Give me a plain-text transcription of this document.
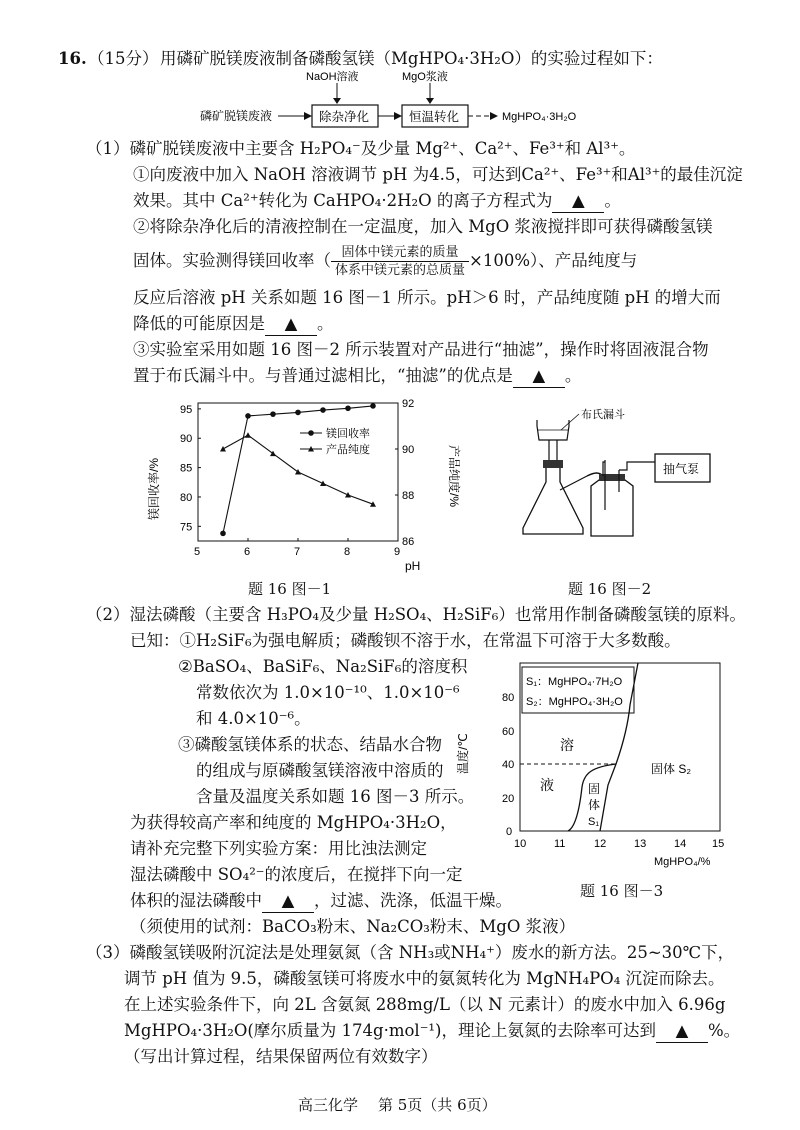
16. （15分） 用磷矿脱镁废液制备磷酸氢镁（MgHPO₄·3H₂O）的实验过程如下：
NaOH溶液	MgO浆液
磷矿脱镁废液	除杂净化	恒温转化	MgHPO₄·3H₂O
（1）磷矿脱镁废液中主要含 H₂PO₄⁻及少量 Mg²⁺、Ca²⁺、Fe³⁺和 Al³⁺。
①向废液中加入 NaOH 溶液调节 pH 为4.5，可达到Ca²⁺、Fe³⁺和Al³⁺的最佳沉淀
效果。其中 Ca²⁺转化为 CaHPO₄·2H₂O 的离子方程式为 ▲ 。
②将除杂净化后的清液控制在一定温度，加入 MgO 浆液搅拌即可获得磷酸氢镁
固体。实验测得镁回收率（ $\frac{\text{固体中镁元素的质量}}{\text{体系中镁元素的总质量}} \times 100\%$）、产品纯度与
反应后溶液 pH 关系如题 16 图－1 所示。pH＞6 时，产品纯度随 pH 的增大而
降低的可能原因是 ▲ 。
③实验室采用如题 16 图－2 所示装置对产品进行“抽滤”，操作时将固液混合物
置于布氏漏斗中。与普通过滤相比，“抽滤”的优点是 ▲ 。
镁回收率/%	产品纯度/%
pH
5	6	7	8	9
75
80
85
90
95
86
88
90
92
镁回收率
产品纯度
题 16 图－1
布氏漏斗
抽气泵
题 16 图－2
（2）湿法磷酸（主要含 H₃PO₄及少量 H₂SO₄、H₂SiF₆）也常用作制备磷酸氢镁的原料。
已知：①H₂SiF₆为强电解质；磷酸钡不溶于水，在常温下可溶于大多数酸。
②BaSO₄、BaSiF₆、Na₂SiF₆的溶度积
常数依次为 1.0×10⁻¹⁰、1.0×10⁻⁶
和 4.0×10⁻⁶。
③磷酸氢镁体系的状态、结晶水合物
的组成与原磷酸氢镁溶液中溶质的
含量及温度关系如题 16 图－3 所示。
为获得较高产率和纯度的 MgHPO₄·3H₂O，
请补充完整下列实验方案：用比浊法测定
湿法磷酸中 SO₄²⁻的浓度后，在搅拌下向一定
体积的湿法磷酸中 ▲ ，过滤、洗涤，低温干燥。
（须使用的试剂：BaCO₃粉末、Na₂CO₃粉末、MgO 浆液）
S₁：MgHPO₄·7H₂O
S₂：MgHPO₄·3H₂O
溶
液
固体 S₂
固
体
S₁
0
20
40
60
80
温度/℃
10	11	12	13	14 15
MgHPO₄/%
题 16 图－3
（3）磷酸氢镁吸附沉淀法是处理氨氮（含 NH₃或NH₄⁺）废水的新方法。25~30℃下，
调节 pH 值为 9.5，磷酸氢镁可将废水中的氨氮转化为 MgNH₄PO₄ 沉淀而除去。
在上述实验条件下，向 2L 含氨氮 288mg/L（以 N 元素计）的废水中加入 6.96g
MgHPO₄·3H₂O(摩尔质量为 174g·mol⁻¹)，理论上氨氮的去除率可达到 ▲ %。
（写出计算过程，结果保留两位有效数字）
高三化学 第 5页（共 6页）
